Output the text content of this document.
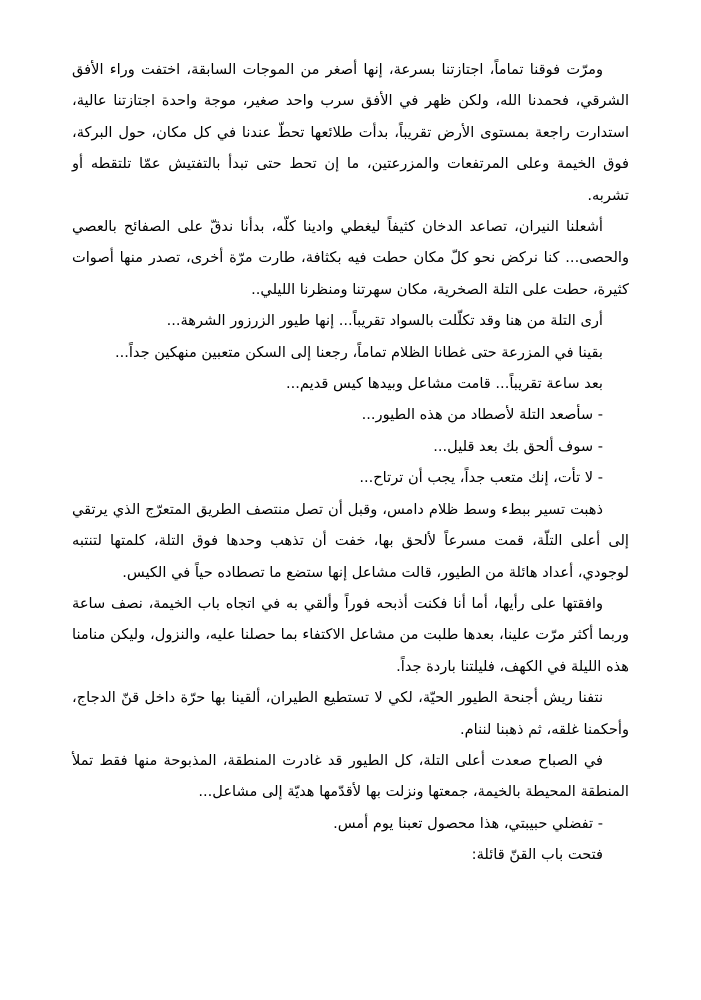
ومرّت فوقنا تماماً، اجتازتنا بسرعة، إنها أصغر من الموجات السابقة، اختفت وراء الأفق الشرقي، فحمدنا الله، ولكن ظهر في الأفق سرب واحد صغير، موجة واحدة اجتازتنا عالية، استدارت راجعة بمستوى الأرض تقريباً، بدأت طلائعها تحطّ عندنا في كل مكان، حول البركة، فوق الخيمة وعلى المرتفعات والمزرعتين، ما إن تحط حتى تبدأ بالتفتيش عمّا تلتقطه أو تشربه.

أشعلنا النيران، تصاعد الدخان كثيفاً ليغطي وادينا كلّه، بدأنا ندقّ على الصفائح بالعصي والحصى... كنا نركض نحو كلّ مكان حطت فيه بكثافة، طارت مرّة أخرى، تصدر منها أصوات كثيرة، حطت على التلة الصخرية، مكان سهرتنا ومنظرنا الليلي..

أرى التلة من هنا وقد تكلّلت بالسواد تقريباً... إنها طيور الزرزور الشرهة...

بقينا في المزرعة حتى غطانا الظلام تماماً، رجعنا إلى السكن متعبين منهكين جداً...

بعد ساعة تقريباً... قامت مشاعل وبيدها كيس قديم...

- سأصعد التلة لأصطاد من هذه الطيور...

- سوف ألحق بك بعد قليل...

- لا تأت، إنك متعب جداً، يجب أن ترتاح...

ذهبت تسير ببطء وسط ظلام دامس، وقبل أن تصل منتصف الطريق المتعرّج الذي يرتقي إلى أعلى التلّة، قمت مسرعاً لألحق بها، خفت أن تذهب وحدها فوق التلة، كلمتها لتنتبه لوجودي، أعداد هائلة من الطيور، قالت مشاعل إنها ستضع ما تصطاده حياً في الكيس.

وافقتها على رأيها، أما أنا فكنت أذبحه فوراً وألقي به في اتجاه باب الخيمة، نصف ساعة وربما أكثر مرّت علينا، بعدها طلبت من مشاعل الاكتفاء بما حصلنا عليه، والنزول، وليكن منامنا هذه الليلة في الكهف، فليلتنا باردة جداً.

نتفنا ريش أجنحة الطيور الحيّة، لكي لا تستطيع الطيران، ألقينا بها حرّة داخل قنّ الدجاج، وأحكمنا غلقه، ثم ذهبنا لننام.

في الصباح صعدت أعلى التلة، كل الطيور قد غادرت المنطقة، المذبوحة منها فقط تملأ المنطقة المحيطة بالخيمة، جمعتها ونزلت بها لأقدّمها هديّة إلى مشاعل...

- تفضلي حبيبتي، هذا محصول تعبنا يوم أمس.

فتحت باب القنّ قائلة:
